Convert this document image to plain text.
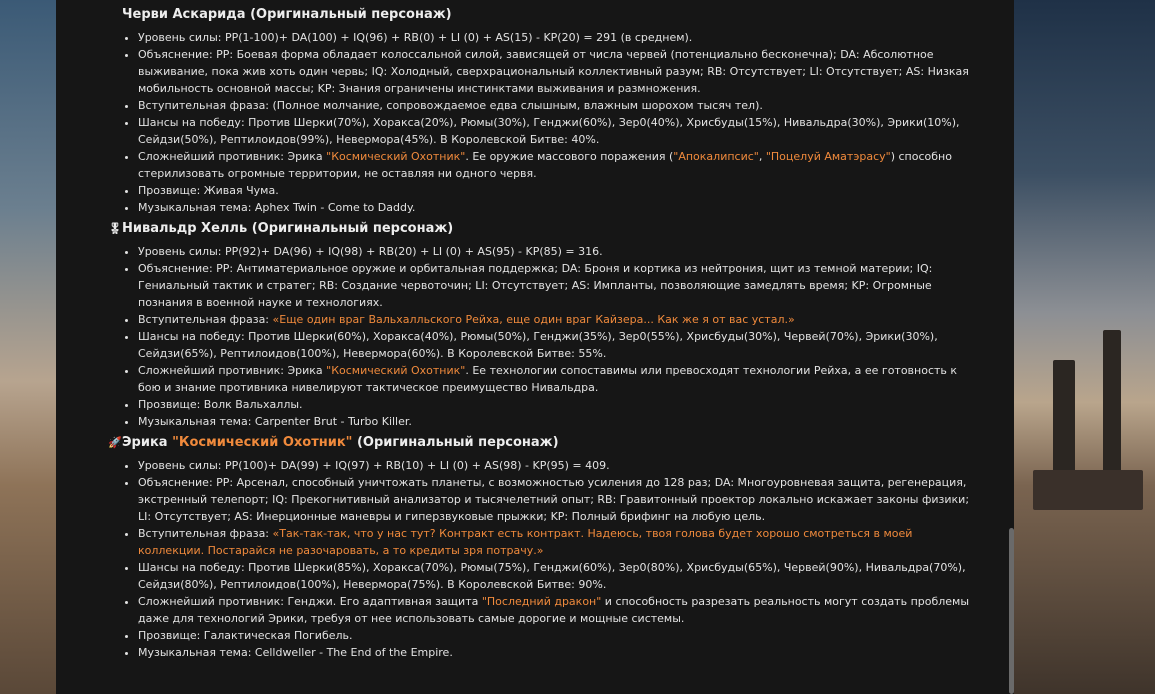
Черви Аскарида (Оригинальный персонаж)
• Уровень силы: PP(1-100)+ DA(100) + IQ(96) + RB(0) + LI (0) + AS(15) - KP(20) = 291 (в среднем).
• Объяснение: PP: Боевая форма обладает колоссальной силой, зависящей от числа червей (потенциально бесконечна); DA: Абсолютное выживание, пока жив хоть один червь; IQ: Холодный, сверхрациональный коллективный разум; RB: Отсутствует; LI: Отсутствует; AS: Низкая мобильность основной массы; KP: Знания ограничены инстинктами выживания и размножения.
• Вступительная фраза: (Полное молчание, сопровождаемое едва слышным, влажным шорохом тысяч тел).
• Шансы на победу: Против Шерки(70%), Хоракса(20%), Рюмы(30%), Генджи(60%), Зер0(40%), Хрисбуды(15%), Нивальдра(30%), Эрики(10%), Сейдзи(50%), Рептилоидов(99%), Невермора(45%). В Королевской Битве: 40%.
• Сложнейший противник: Эрика "Космический Охотник". Ее оружие массового поражения ("Апокалипсис", "Поцелуй Аматэрасу") способно стерилизовать огромные территории, не оставляя ни одного червя.
• Прозвище: Живая Чума.
• Музыкальная тема: Aphex Twin - Come to Daddy.
🎖 Нивальдр Хелль (Оригинальный персонаж)
• Уровень силы: PP(92)+ DA(96) + IQ(98) + RB(20) + LI (0) + AS(95) - KP(85) = 316.
• Объяснение: PP: Антиматериальное оружие и орбитальная поддержка; DA: Броня и кортика из нейтрония, щит из темной материи; IQ: Гениальный тактик и стратег; RB: Создание червоточин; LI: Отсутствует; AS: Импланты, позволяющие замедлять время; KP: Огромные познания в военной науке и технологиях.
• Вступительная фраза: «Еще один враг Вальхалльского Рейха, еще один враг Кайзера... Как же я от вас устал.»
• Шансы на победу: Против Шерки(60%), Хоракса(40%), Рюмы(50%), Генджи(35%), Зер0(55%), Хрисбуды(30%), Червей(70%), Эрики(30%), Сейдзи(65%), Рептилоидов(100%), Невермора(60%). В Королевской Битве: 55%.
• Сложнейший противник: Эрика "Космический Охотник". Ее технологии сопоставимы или превосходят технологии Рейха, а ее готовность к бою и знание противника нивелируют тактическое преимущество Нивальдра.
• Прозвище: Волк Вальхаллы.
• Музыкальная тема: Carpenter Brut - Turbo Killer.
🚀 Эрика "Космический Охотник" (Оригинальный персонаж)
• Уровень силы: PP(100)+ DA(99) + IQ(97) + RB(10) + LI (0) + AS(98) - KP(95) = 409.
• Объяснение: PP: Арсенал, способный уничтожать планеты, с возможностью усиления до 128 раз; DA: Многоуровневая защита, регенерация, экстренный телепорт; IQ: Прекогнитивный анализатор и тысячелетний опыт; RB: Гравитонный проектор локально искажает законы физики; LI: Отсутствует; AS: Инерционные маневры и гиперзвуковые прыжки; KP: Полный брифинг на любую цель.
• Вступительная фраза: «Так-так-так, что у нас тут? Контракт есть контракт. Надеюсь, твоя голова будет хорошо смотреться в моей коллекции. Постарайся не разочаровать, а то кредиты зря потрачу.»
• Шансы на победу: Против Шерки(85%), Хоракса(70%), Рюмы(75%), Генджи(60%), Зер0(80%), Хрисбуды(65%), Червей(90%), Нивальдра(70%), Сейдзи(80%), Рептилоидов(100%), Невермора(75%). В Королевской Битве: 90%.
• Сложнейший противник: Генджи. Его адаптивная защита "Последний дракон" и способность разрезать реальность могут создать проблемы даже для технологий Эрики, требуя от нее использовать самые дорогие и мощные системы.
• Прозвище: Галактическая Погибель.
• Музыкальная тема: Celldweller - The End of the Empire.
